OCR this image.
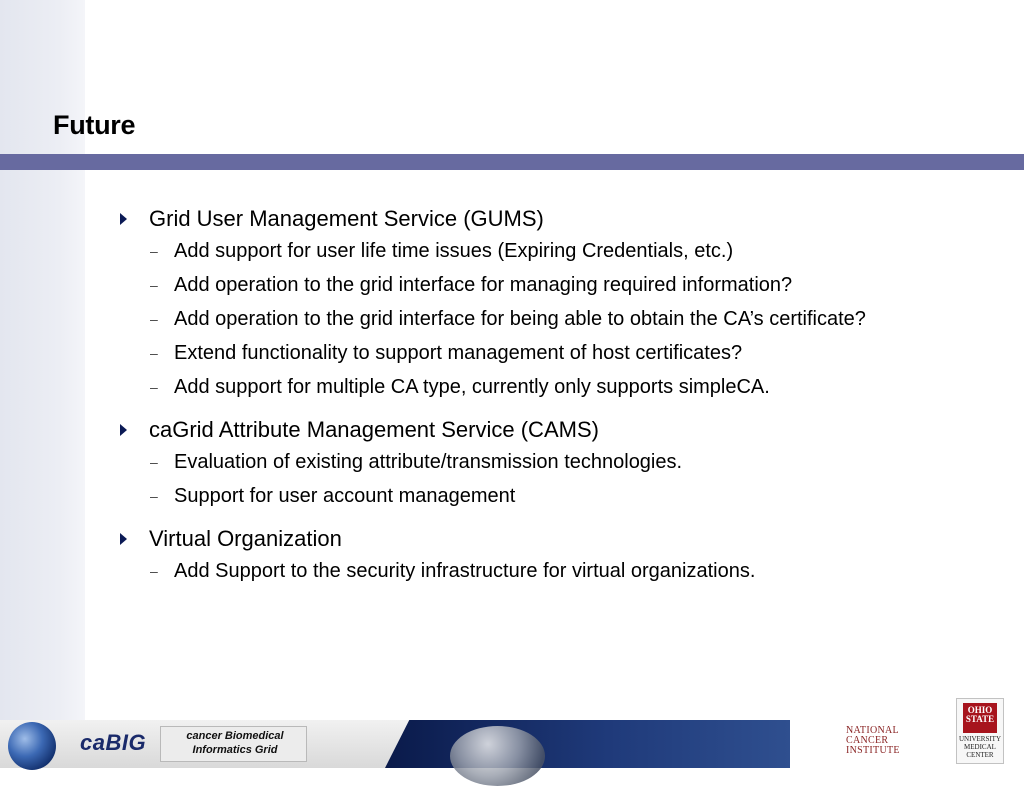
Future
Grid User Management Service (GUMS)
– Add support for user life time issues (Expiring Credentials, etc.)
– Add operation to the grid interface for managing required information?
– Add operation to the grid interface for being able to obtain the CA’s certificate?
– Extend functionality to support management of host certificates?
– Add support for multiple CA type, currently only supports simpleCA.
caGrid Attribute Management Service (CAMS)
– Evaluation of existing attribute/transmission technologies.
– Support for user account management
Virtual Organization
– Add Support to the security infrastructure for virtual organizations.
caBIG	cancer Biomedical
Informatics Grid
NATIONAL
CANCER
INSTITUTE
OHIO STATE
UNIVERSITY
MEDICAL
CENTER
